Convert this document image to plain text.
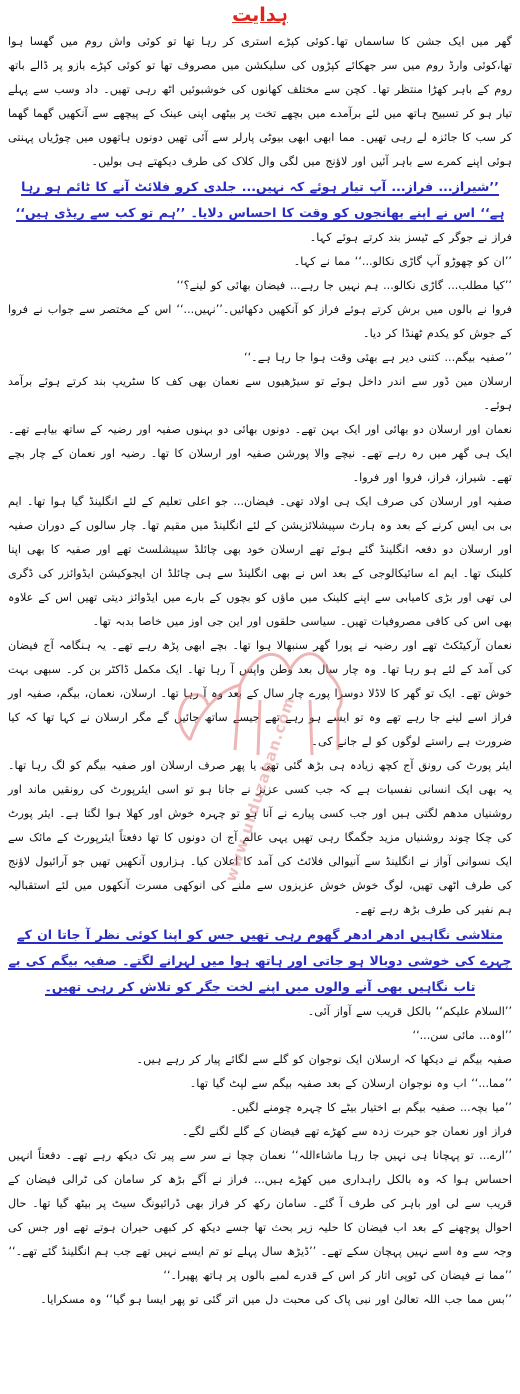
ہدایت

گھر میں ایک جشن کا ساسماں تھا۔کوئی کپڑے استری کر رہا تھا تو کوئی واش روم میں گھسا ہوا تھا،کوئی وارڈ روم میں سر جھکائے کپڑوں کی سلیکشن میں مصروف تھا تو کوئی کپڑے بازو پر ڈالے باتھ روم کے باہر کھڑا منتظر تھا۔ کچن سے مختلف کھانوں کی خوشبوئیں اٹھ رہی تھیں۔ داد وسب سے پہلے تیار ہو کر تسبیح ہاتھ میں لئے برآمدے میں بچھے تخت پر بیٹھی اپنی عینک کے پیچھے سے آنکھیں گھما گھما کر سب کا جائزہ لے رہی تھیں۔ مما ابھی ابھی بیوٹی پارلر سے آئی تھیں دونوں ہاتھوں میں چوڑیاں پہنتی ہوئی اپنے کمرے سے باہر آئیں اور لاؤنج میں لگی وال کلاک کی طرف دیکھتے ہی بولیں۔

’’شیراز... فراز... آپ تیار ہوئے کہ نہیں... جلدی کرو فلائٹ آنے کا ٹائم ہو رہا ہے‘‘ اس نے اپنے بھانجوں کو وقت کا احساس دلایا۔ ’’ہم تو کب سے ریڈی ہیں‘‘

فراز نے جوگر کے ٹیسز بند کرتے ہوئے کہا۔

’’ان کو چھوڑو آپ گاڑی نکالو...‘‘ مما نے کہا۔

’’کیا مطلب... گاڑی نکالو... ہم نہیں جا رہے... فیضان بھائی کو لینے؟‘‘

فروا نے بالوں میں برش کرتے ہوئے فراز کو آنکھیں دکھائیں۔’’نہیں...‘‘ اس کے مختصر سے جواب نے فروا کے جوش کو یکدم ٹھنڈا کر دیا۔

’’صفیہ بیگم... کتنی دیر ہے بھئی وقت ہوا جا رہا ہے۔‘‘

ارسلان مین ڈور سے اندر داخل ہوئے تو سیڑھیوں سے نعمان بھی کف کا سٹریپ بند کرتے ہوئے برآمد ہوئے۔

نعمان اور ارسلان دو بھائی اور ایک بہن تھے۔ دونوں بھائی دو بہنوں صفیہ اور رضیہ کے ساتھ بیاہے تھے۔ ایک ہی گھر میں رہ رہے تھے۔ نیچے والا پورشن صفیہ اور ارسلان کا تھا۔ رضیہ اور نعمان کے چار بچے تھے۔ شیراز، فراز، فروا اور فروا۔

صفیہ اور ارسلان کی صرف ایک ہی اولاد تھی۔ فیضان... جو اعلی تعلیم کے لئے انگلینڈ گیا ہوا تھا۔ ایم بی بی ایس کرنے کے بعد وہ ہارٹ سپیشلائزیشن کے لئے انگلینڈ میں مقیم تھا۔ چار سالوں کے دوران صفیہ اور ارسلان دو دفعہ انگلینڈ گئے ہوئے تھے ارسلان خود بھی چائلڈ سپیشلسٹ تھے اور صفیہ کا بھی اپنا کلینک تھا۔ ایم اے سائیکالوجی کے بعد اس نے بھی انگلینڈ سے ہی چائلڈ ان ایجوکیشن ایڈوائزر کی ڈگری لی تھی اور بڑی کامیابی سے اپنے کلینک میں ماؤں کو بچوں کے بارے میں ایڈوائز دیتی تھیں اس کے علاوہ بھی اس کی کافی مصروفیات تھیں۔ سیاسی حلقوں اور این جی اوز میں خاصا بدبہ تھا۔

نعمان آرکیٹکٹ تھے اور رضیہ نے پورا گھر سنبھالا ہوا تھا۔ بچے ابھی پڑھ رہے تھے۔ یہ ہنگامہ آج فیضان کی آمد کے لئے ہو رہا تھا۔ وہ چار سال بعد وطن واپس آ رہا تھا۔ ایک مکمل ڈاکٹر بن کر۔ سبھی بہت خوش تھے۔ ایک تو گھر کا لاڈلا دوسرا پورے چار سال کے بعد وہ آ رہا تھا۔ ارسلان، نعمان، بیگم، صفیہ اور فراز اسے لینے جا رہے تھے وہ تو ایسے ہو رہے تھے جیسے ساتھ جائیں گے مگر ارسلان نے کہا تھا کہ کیا ضرورت ہے راستے لوگوں کو لے جانے کی۔

ایئر پورٹ کی رونق آج کچھ زیادہ ہی بڑھ گئی تھی یا پھر صرف ارسلان اور صفیہ بیگم کو لگ رہا تھا۔ یہ بھی ایک انسانی نفسیات ہے کہ جب کسی عزیز نے جانا ہو تو اسی ایئرپورٹ کی رونقیں ماند اور روشنیاں مدھم لگتی ہیں اور جب کسی پیارے نے آنا ہو تو چہرہ خوش اور کھلا ہوا لگتا ہے۔ ایئر پورٹ کی چکا چوند روشنیاں مزید جگمگا رہی تھیں یہی عالم آج ان دونوں کا تھا دفعتاً ایئرپورٹ کے مائک سے ایک نسوانی آواز نے انگلینڈ سے آنیوالی فلائٹ کی آمد کا اعلان کیا۔ ہزاروں آنکھیں تھیں جو آرائیول لاؤنج کی طرف اٹھی تھیں، لوگ خوش خوش عزیزوں سے ملنے کی انوکھی مسرت آنکھوں میں لئے استقبالیہ ہم نفیر کی طرف بڑھ رہے تھے۔

متلاشی نگاہیں ادھر ادھر گھوم رہی تھیں جس کو اپنا کوئی نظر آ جاتا ان کے چہرے کی خوشی دوبالا ہو جاتی اور ہاتھ ہوا میں لہرانے لگتے۔ صفیہ بیگم کی بے تاب نگاہیں بھی آنے والوں میں اپنے لخت جگر کو تلاش کر رہی تھیں۔

’’السلام علیکم‘‘ بالکل قریب سے آواز آئی۔

’’اوہ... مائی سن...‘‘

صفیہ بیگم نے دیکھا کہ ارسلان ایک نوجوان کو گلے سے لگائے پیار کر رہے ہیں۔

’’مما...‘‘ اب وہ نوجوان ارسلان کے بعد صفیہ بیگم سے لپٹ گیا تھا۔

’’میا بچہ... صفیہ بیگم بے اختیار بیٹے کا چہرہ چومنے لگیں۔

فراز اور نعمان جو حیرت زدہ سے کھڑے تھے فیضان کے گلے لگنے لگے۔

’’ارے... تو پہچانا ہی نہیں جا رہا ماشاءاللہ‘‘ نعمان چچا نے سر سے پیر تک دیکھ رہے تھے۔ دفعتاً انہیں احساس ہوا کہ وہ بالکل راہداری میں کھڑے ہیں... فراز نے آگے بڑھ کر سامان کی ٹرالی فیضان کے قریب سے لی اور باہر کی طرف آ گئے۔ سامان رکھ کر فراز بھی ڈرائیونگ سیٹ پر بیٹھ گیا تھا۔ حال احوال پوچھنے کے بعد اب فیضان کا حلیہ زیر بحث تھا جسے دیکھ کر کبھی حیران ہوتے تھے اور جس کی وجہ سے وہ اسے نہیں پہچان سکے تھے۔ ’’ڈیڑھ سال پہلے تو تم ایسے نہیں تھے جب ہم انگلینڈ گئے تھے۔‘‘

’’مما نے فیضان کی ٹوپی اتار کر اس کے قدرے لمبے بالوں پر ہاتھ پھیرا۔‘‘

’’بس مما جب اللہ تعالیٰ اور نبی پاک کی محبت دل میں اتر گئی تو پھر ایسا ہو گیا‘‘ وہ مسکرایا۔

www.urduzaban.com
